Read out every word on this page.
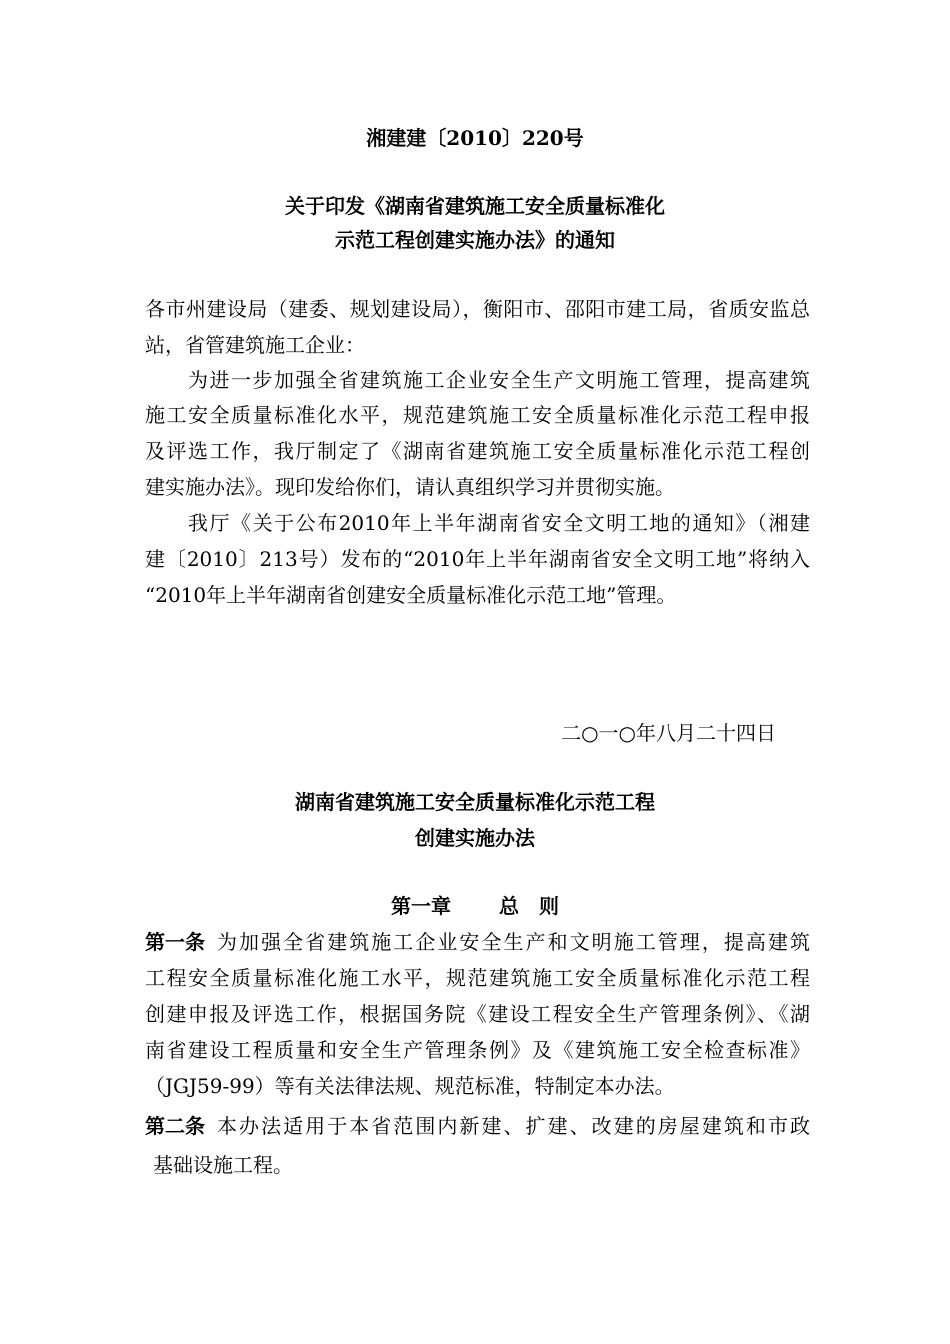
湘建建〔2010〕220号
关于印发《湖南省建筑施工安全质量标准化
示范工程创建实施办法》的通知
各市州建设局（建委、规划建设局），衡阳市、邵阳市建工局，省质安监总
站，省管建筑施工企业：
为进一步加强全省建筑施工企业安全生产文明施工管理，提高建筑
施工安全质量标准化水平，规范建筑施工安全质量标准化示范工程申报
及评选工作，我厅制定了《湖南省建筑施工安全质量标准化示范工程创
建实施办法》。现印发给你们，请认真组织学习并贯彻实施。
我厅《关于公布2010年上半年湖南省安全文明工地的通知》（湘建
建〔2010〕213号）发布的“2010年上半年湖南省安全文明工地”将纳入
“2010年上半年湖南省创建安全质量标准化示范工地”管理。
二○一○年八月二十四日
湖南省建筑施工安全质量标准化示范工程
创建实施办法
第一章 总　则
第一条 为加强全省建筑施工企业安全生产和文明施工管理，提高建筑
工程安全质量标准化施工水平，规范建筑施工安全质量标准化示范工程
创建申报及评选工作，根据国务院《建设工程安全生产管理条例》、《湖
南省建设工程质量和安全生产管理条例》及《建筑施工安全检查标准》
（JGJ59-99）等有关法律法规、规范标准，特制定本办法。
第二条 本办法适用于本省范围内新建、扩建、改建的房屋建筑和市政
基础设施工程。
